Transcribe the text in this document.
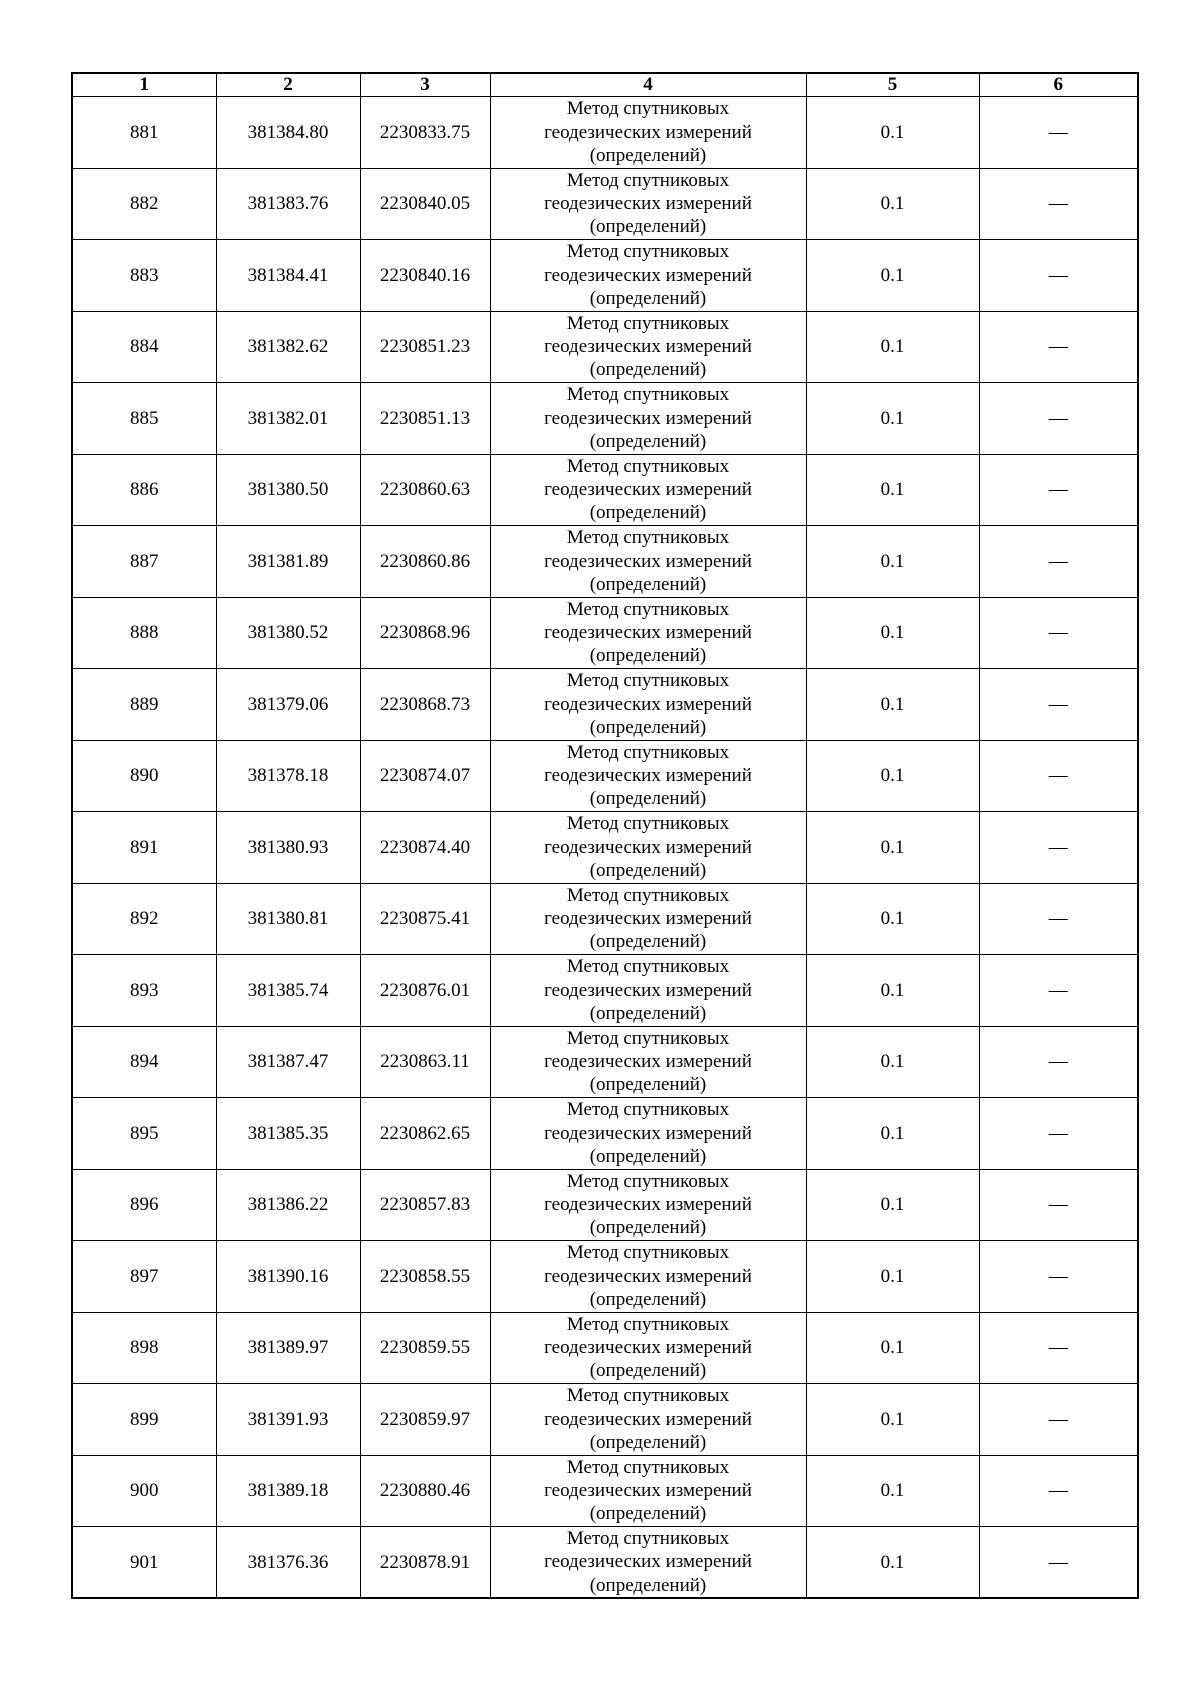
1	2	3	4	5	6
881	381384.80	2230833.75	Метод спутниковых
геодезических измерений
(определений)	0.1	—
882	381383.76	2230840.05	Метод спутниковых
геодезических измерений
(определений)	0.1	—
883	381384.41	2230840.16	Метод спутниковых
геодезических измерений
(определений)	0.1	—
884	381382.62	2230851.23	Метод спутниковых
геодезических измерений
(определений)	0.1	—
885	381382.01	2230851.13	Метод спутниковых
геодезических измерений
(определений)	0.1	—
886	381380.50	2230860.63	Метод спутниковых
геодезических измерений
(определений)	0.1	—
887	381381.89	2230860.86	Метод спутниковых
геодезических измерений
(определений)	0.1	—
888	381380.52	2230868.96	Метод спутниковых
геодезических измерений
(определений)	0.1	—
889	381379.06	2230868.73	Метод спутниковых
геодезических измерений
(определений)	0.1	—
890	381378.18	2230874.07	Метод спутниковых
геодезических измерений
(определений)	0.1	—
891	381380.93	2230874.40	Метод спутниковых
геодезических измерений
(определений)	0.1	—
892	381380.81	2230875.41	Метод спутниковых
геодезических измерений
(определений)	0.1	—
893	381385.74	2230876.01	Метод спутниковых
геодезических измерений
(определений)	0.1	—
894	381387.47	2230863.11	Метод спутниковых
геодезических измерений
(определений)	0.1	—
895	381385.35	2230862.65	Метод спутниковых
геодезических измерений
(определений)	0.1	—
896	381386.22	2230857.83	Метод спутниковых
геодезических измерений
(определений)	0.1	—
897	381390.16	2230858.55	Метод спутниковых
геодезических измерений
(определений)	0.1	—
898	381389.97	2230859.55	Метод спутниковых
геодезических измерений
(определений)	0.1	—
899	381391.93	2230859.97	Метод спутниковых
геодезических измерений
(определений)	0.1	—
900	381389.18	2230880.46	Метод спутниковых
геодезических измерений
(определений)	0.1	—
901	381376.36	2230878.91	Метод спутниковых
геодезических измерений
(определений)	0.1	—
